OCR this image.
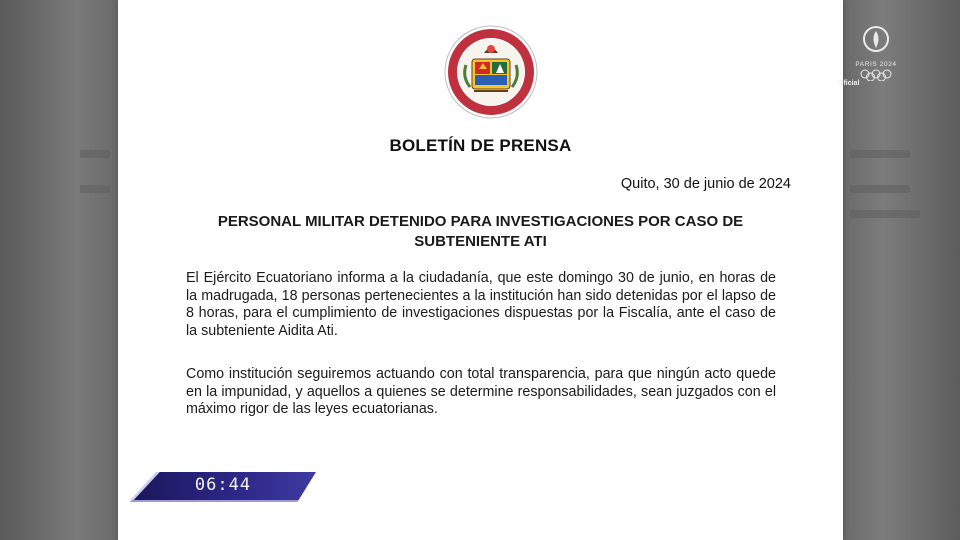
BOLETÍN DE PRENSA
Quito, 30 de junio de 2024
PERSONAL MILITAR DETENIDO PARA INVESTIGACIONES POR CASO DE
SUBTENIENTE ATI
El Ejército Ecuatoriano informa a la ciudadanía, que este domingo 30 de junio, en horas de la madrugada, 18 personas pertenecientes a la institución han sido detenidas por el lapso de 8 horas, para el cumplimiento de investigaciones dispuestas por la Fiscalía, ante el caso de la subteniente Aidita Ati.
Como institución seguiremos actuando con total transparencia, para que ningún acto quede en la impunidad, y aquellos a quienes se determine responsabilidades, sean juzgados con el máximo rigor de las leyes ecuatorianas.
06:44
PARIS 2024
Oficial
